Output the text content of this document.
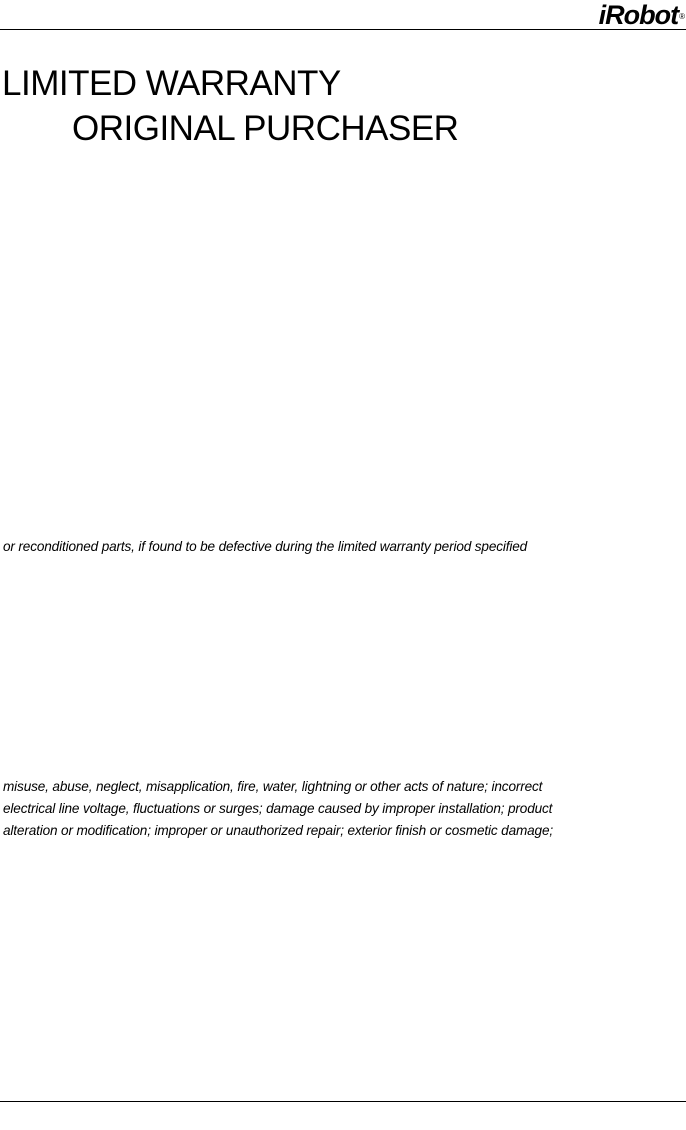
iRobot®
LIMITED WARRANTY
ORIGINAL PURCHASER
or reconditioned parts, if found to be defective during the limited warranty period specified
misuse, abuse, neglect, misapplication, fire, water, lightning or other acts of nature; incorrect
electrical line voltage, fluctuations or surges; damage caused by improper installation; product
alteration or modification; improper or unauthorized repair; exterior finish or cosmetic damage;
